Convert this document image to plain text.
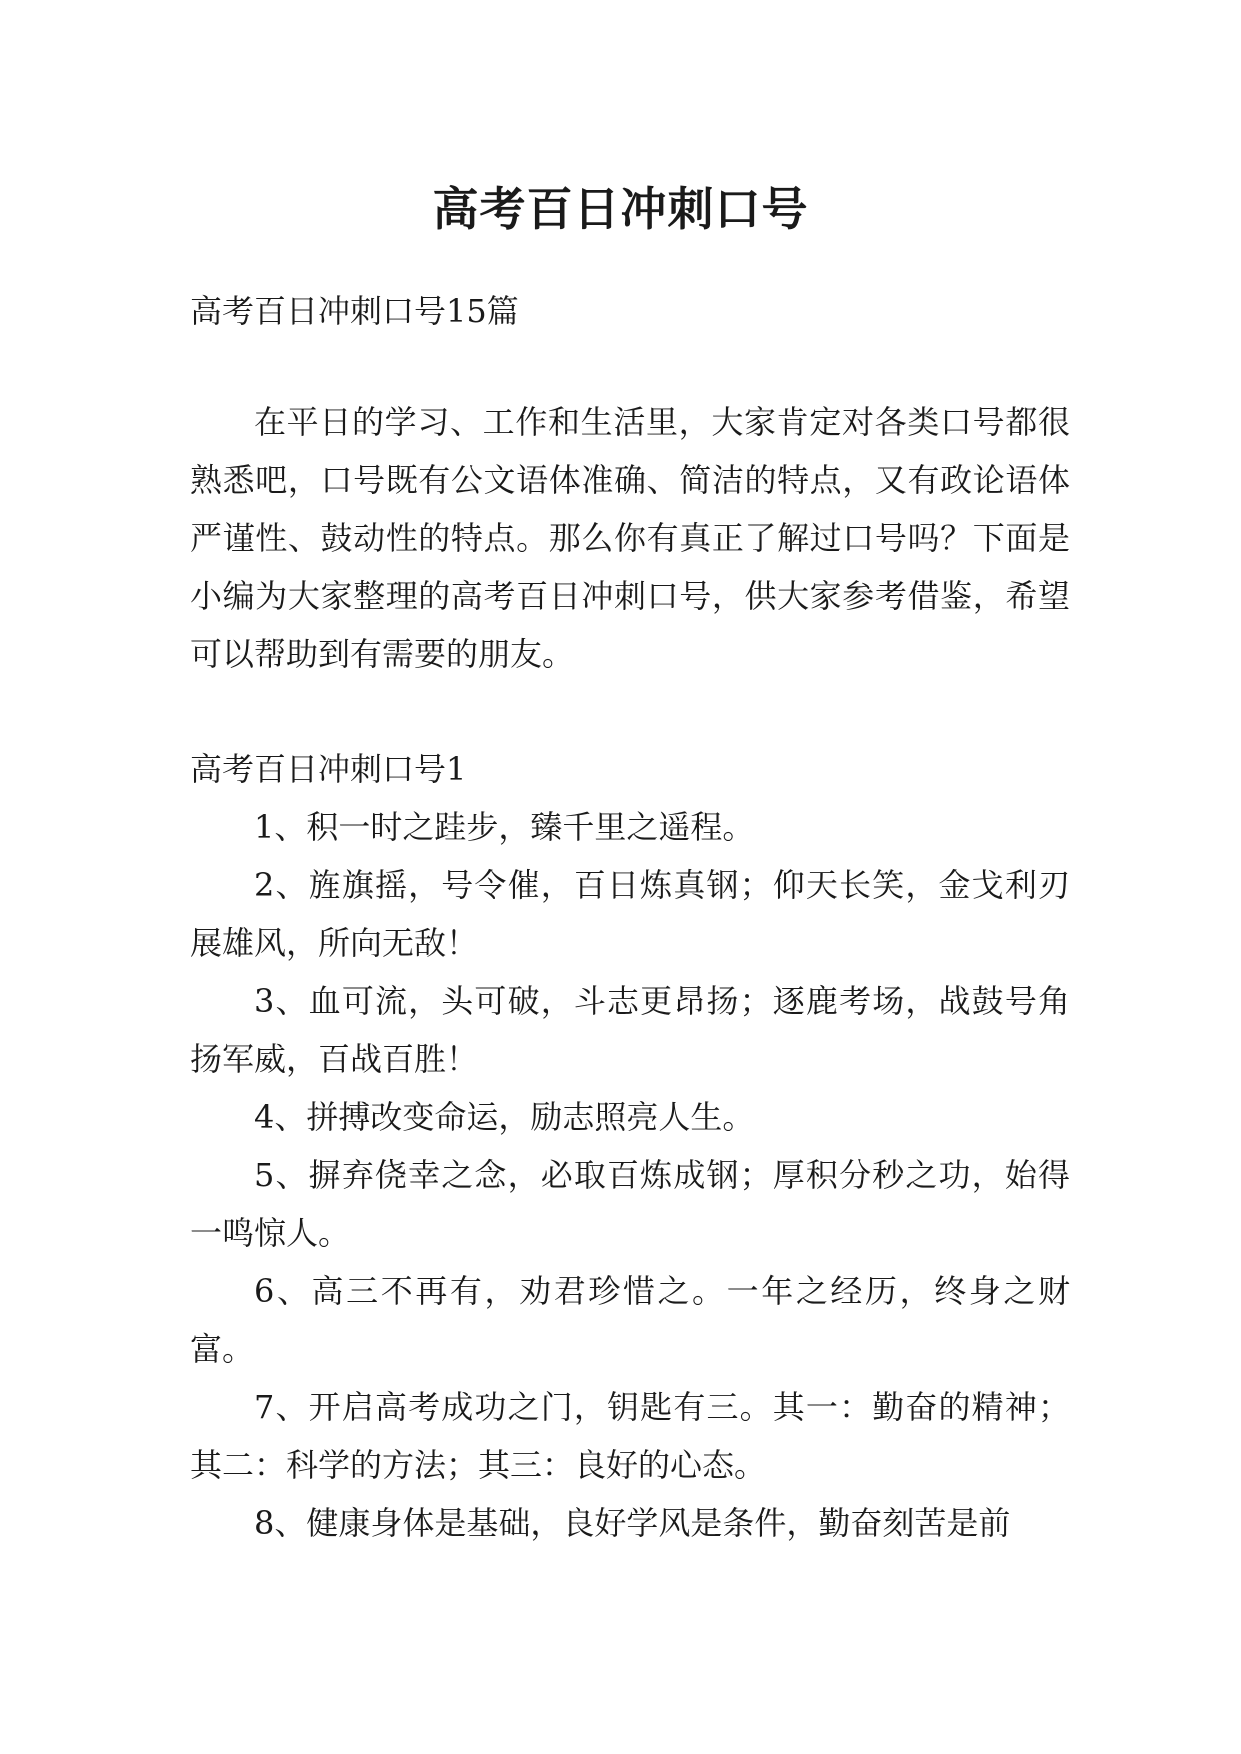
高考百日冲刺口号

高考百日冲刺口号15篇

在平日的学习、工作和生活里，大家肯定对各类口号都很熟悉吧，口号既有公文语体准确、简洁的特点，又有政论语体严谨性、鼓动性的特点。那么你有真正了解过口号吗？下面是小编为大家整理的高考百日冲刺口号，供大家参考借鉴，希望可以帮助到有需要的朋友。

高考百日冲刺口号1

1、积一时之跬步，臻千里之遥程。

2、旌旗摇，号令催，百日炼真钢；仰天长笑，金戈利刃展雄风，所向无敌！

3、血可流，头可破，斗志更昂扬；逐鹿考场，战鼓号角扬军威，百战百胜！

4、拼搏改变命运，励志照亮人生。

5、摒弃侥幸之念，必取百炼成钢；厚积分秒之功，始得一鸣惊人。

6、高三不再有，劝君珍惜之。一年之经历，终身之财富。

7、开启高考成功之门，钥匙有三。其一：勤奋的精神；其二：科学的方法；其三：良好的心态。

8、健康身体是基础，良好学风是条件，勤奋刻苦是前
